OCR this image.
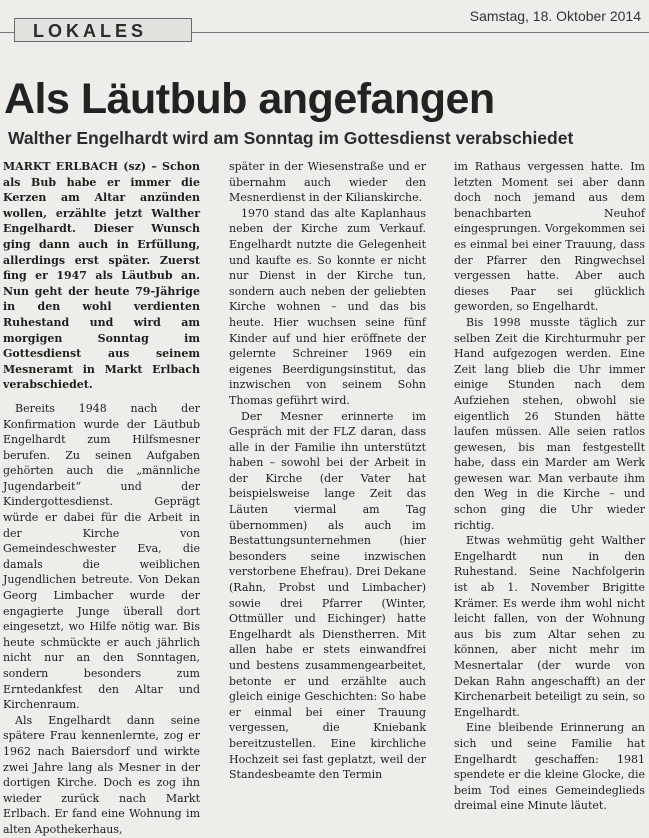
LOKALES
Samstag, 18. Oktober 2014
Als Läutbub angefangen
Walther Engelhardt wird am Sonntag im Gottesdienst verabschiedet

MARKT ERLBACH (sz) – Schon als Bub habe er immer die Kerzen am Altar anzünden wollen, erzählte jetzt Walther Engelhardt. Dieser Wunsch ging dann auch in Erfüllung, allerdings erst später. Zuerst fing er 1947 als Läutbub an. Nun geht der heute 79-Jährige in den wohl verdienten Ruhestand und wird am morgigen Sonntag im Gottesdienst aus seinem Mesneramt in Markt Erlbach verabschiedet.

Bereits 1948 nach der Konfirmation wurde der Läutbub Engelhardt zum Hilfsmesner berufen. Zu seinen Aufgaben gehörten auch die „männliche Jugendarbeit“ und der Kindergottesdienst. Geprägt würde er dabei für die Arbeit in der Kirche von Gemeindeschwester Eva, die damals die weiblichen Jugendlichen betreute. Von Dekan Georg Limbacher wurde der engagierte Junge überall dort eingesetzt, wo Hilfe nötig war. Bis heute schmückte er auch jährlich nicht nur an den Sonntagen, sondern besonders zum Erntedankfest den Altar und Kirchenraum.

Als Engelhardt dann seine spätere Frau kennenlernte, zog er 1962 nach Baiersdorf und wirkte zwei Jahre lang als Mesner in der dortigen Kirche. Doch es zog ihn wieder zurück nach Markt Erlbach. Er fand eine Wohnung im alten Apothekerhaus,

später in der Wiesenstraße und er übernahm auch wieder den Mesnerdienst in der Kilianskirche.

1970 stand das alte Kaplanhaus neben der Kirche zum Verkauf. Engelhardt nutzte die Gelegenheit und kaufte es. So konnte er nicht nur Dienst in der Kirche tun, sondern auch neben der geliebten Kirche wohnen – und das bis heute. Hier wuchsen seine fünf Kinder auf und hier eröffnete der gelernte Schreiner 1969 ein eigenes Beerdigungsinstitut, das inzwischen von seinem Sohn Thomas geführt wird.

Der Mesner erinnerte im Gespräch mit der FLZ daran, dass alle in der Familie ihn unterstützt haben – sowohl bei der Arbeit in der Kirche (der Vater hat beispielsweise lange Zeit das Läuten viermal am Tag übernommen) als auch im Bestattungsunternehmen (hier besonders seine inzwischen verstorbene Ehefrau). Drei Dekane (Rahn, Probst und Limbacher) sowie drei Pfarrer (Winter, Ottmüller und Eichinger) hatte Engelhardt als Dienstherren. Mit allen habe er stets einwandfrei und bestens zusammengearbeitet, betonte er und erzählte auch gleich einige Geschichten: So habe er einmal bei einer Trauung vergessen, die Kniebank bereitzustellen. Eine kirchliche Hochzeit sei fast geplatzt, weil der Standesbeamte den Termin

im Rathaus vergessen hatte. Im letzten Moment sei aber dann doch noch jemand aus dem benachbarten Neuhof eingesprungen. Vorgekommen sei es einmal bei einer Trauung, dass der Pfarrer den Ringwechsel vergessen hatte. Aber auch dieses Paar sei glücklich geworden, so Engelhardt.

Bis 1998 musste täglich zur selben Zeit die Kirchturmuhr per Hand aufgezogen werden. Eine Zeit lang blieb die Uhr immer einige Stunden nach dem Aufziehen stehen, obwohl sie eigentlich 26 Stunden hätte laufen müssen. Alle seien ratlos gewesen, bis man festgestellt habe, dass ein Marder am Werk gewesen war. Man verbaute ihm den Weg in die Kirche – und schon ging die Uhr wieder richtig.

Etwas wehmütig geht Walther Engelhardt nun in den Ruhestand. Seine Nachfolgerin ist ab 1. November Brigitte Krämer. Es werde ihm wohl nicht leicht fallen, von der Wohnung aus bis zum Altar sehen zu können, aber nicht mehr im Mesnertalar (der wurde von Dekan Rahn angeschafft) an der Kirchenarbeit beteiligt zu sein, so Engelhardt.

Eine bleibende Erinnerung an sich und seine Familie hat Engelhardt geschaffen: 1981 spendete er die kleine Glocke, die beim Tod eines Gemeindeglieds dreimal eine Minute läutet.
